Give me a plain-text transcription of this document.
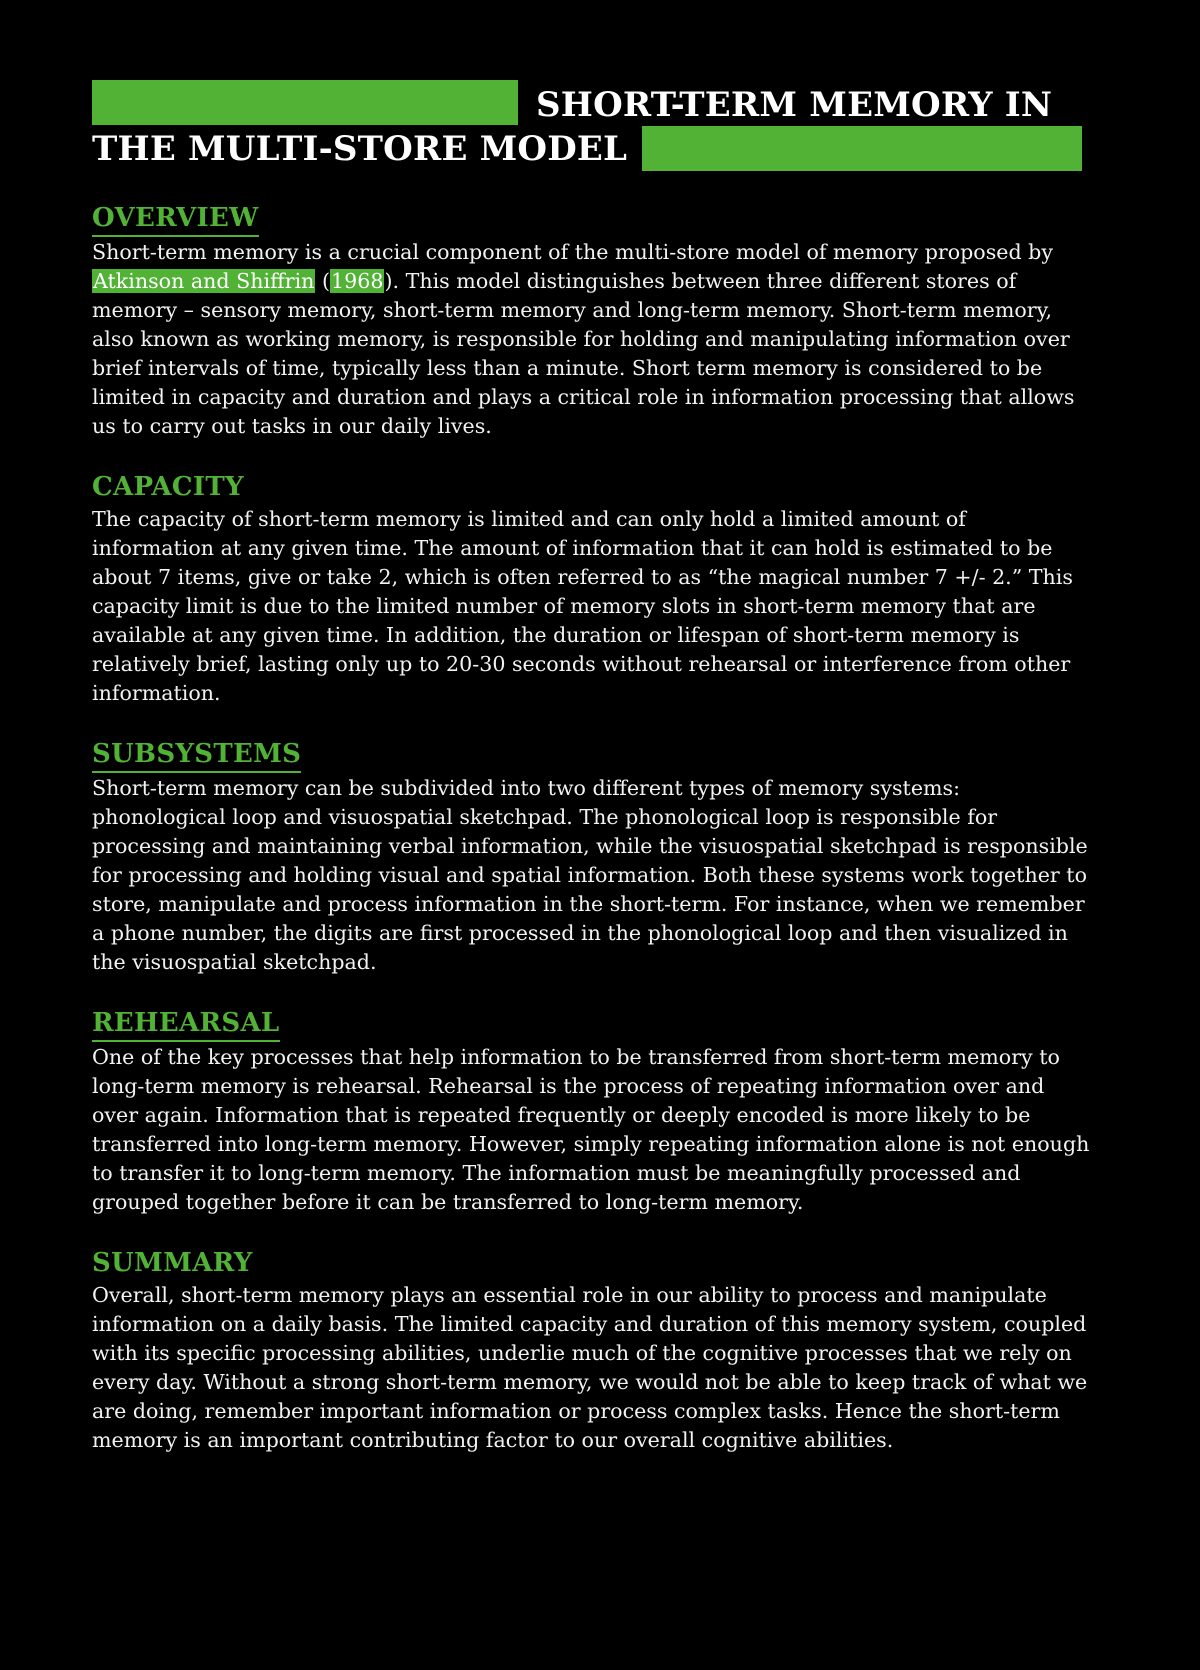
SHORT-TERM MEMORY IN
THE MULTI-STORE MODEL
OVERVIEW

Short-term memory is a crucial component of the multi-store model of memory proposed by Atkinson and Shiffrin (1968). This model distinguishes between three different stores of memory – sensory memory, short-term memory and long-term memory. Short-term memory, also known as working memory, is responsible for holding and manipulating information over brief intervals of time, typically less than a minute. Short term memory is considered to be limited in capacity and duration and plays a critical role in information processing that allows us to carry out tasks in our daily lives.

CAPACITY

The capacity of short-term memory is limited and can only hold a limited amount of information at any given time. The amount of information that it can hold is estimated to be about 7 items, give or take 2, which is often referred to as “the magical number 7 +/- 2.” This capacity limit is due to the limited number of memory slots in short-term memory that are available at any given time. In addition, the duration or lifespan of short-term memory is relatively brief, lasting only up to 20-30 seconds without rehearsal or interference from other information.

SUBSYSTEMS

Short-term memory can be subdivided into two different types of memory systems: phonological loop and visuospatial sketchpad. The phonological loop is responsible for processing and maintaining verbal information, while the visuospatial sketchpad is responsible for processing and holding visual and spatial information. Both these systems work together to store, manipulate and process information in the short-term. For instance, when we remember a phone number, the digits are first processed in the phonological loop and then visualized in the visuospatial sketchpad.

REHEARSAL

One of the key processes that help information to be transferred from short-term memory to long-term memory is rehearsal. Rehearsal is the process of repeating information over and over again. Information that is repeated frequently or deeply encoded is more likely to be transferred into long-term memory. However, simply repeating information alone is not enough to transfer it to long-term memory. The information must be meaningfully processed and grouped together before it can be transferred to long-term memory.

SUMMARY

Overall, short-term memory plays an essential role in our ability to process and manipulate information on a daily basis. The limited capacity and duration of this memory system, coupled with its specific processing abilities, underlie much of the cognitive processes that we rely on every day. Without a strong short-term memory, we would not be able to keep track of what we are doing, remember important information or process complex tasks. Hence the short-term memory is an important contributing factor to our overall cognitive abilities.
